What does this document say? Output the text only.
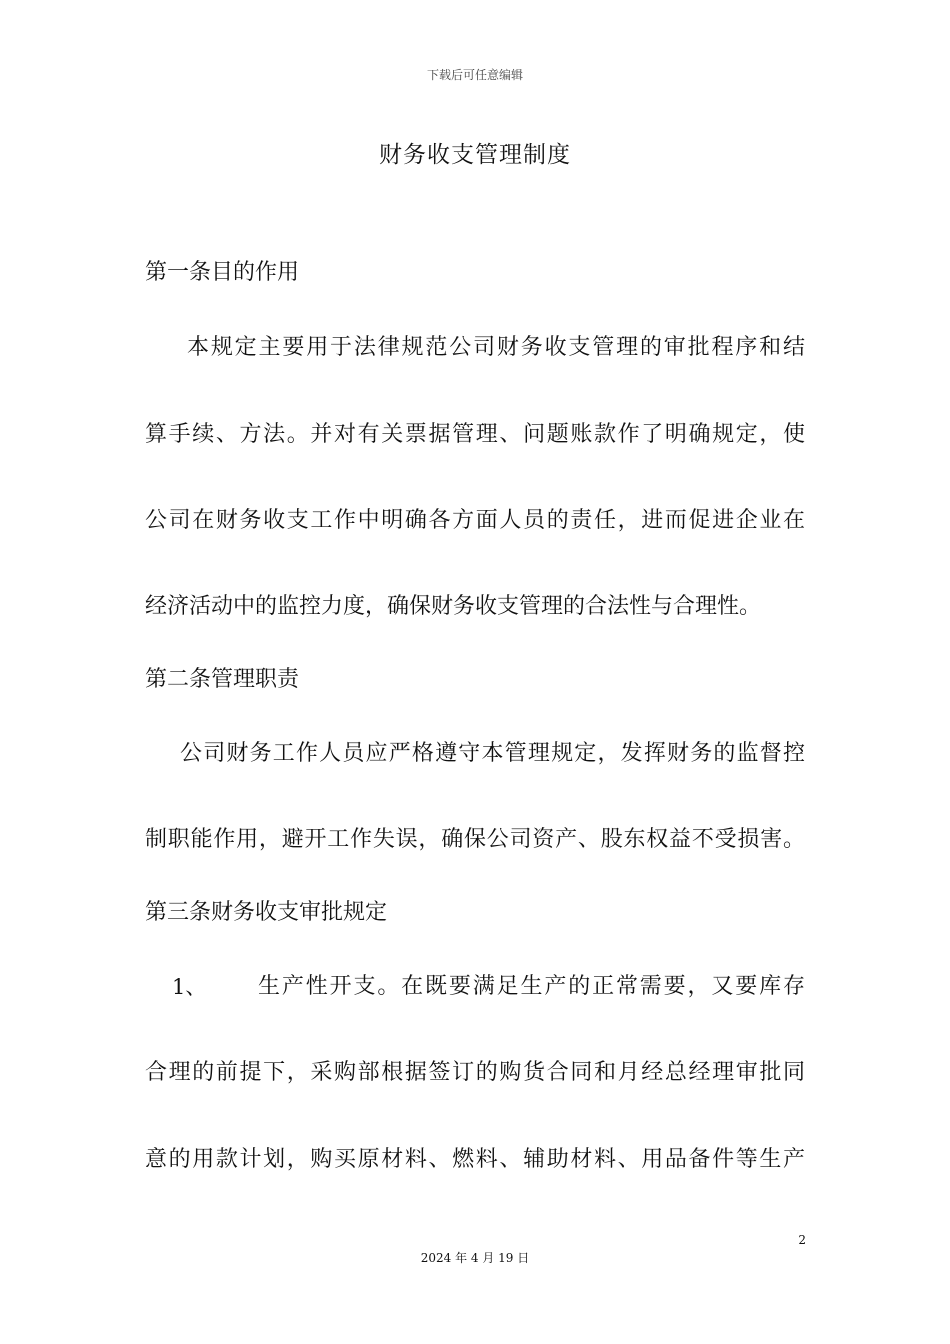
下载后可任意编辑
财务收支管理制度
第一条目的作用
本规定主要用于法律规范公司财务收支管理的审批程序和结
算手续、方法。并对有关票据管理、问题账款作了明确规定，使
公司在财务收支工作中明确各方面人员的责任，进而促进企业在
经济活动中的监控力度，确保财务收支管理的合法性与合理性。
第二条管理职责
公司财务工作人员应严格遵守本管理规定，发挥财务的监督控
制职能作用，避开工作失误，确保公司资产、股东权益不受损害。
第三条财务收支审批规定
1、 生产性开支。在既要满足生产的正常需要，又要库存
合理的前提下，采购部根据签订的购货合同和月经总经理审批同
意的用款计划，购买原材料、燃料、辅助材料、用品备件等生产
2
2024 年 4 月 19 日
